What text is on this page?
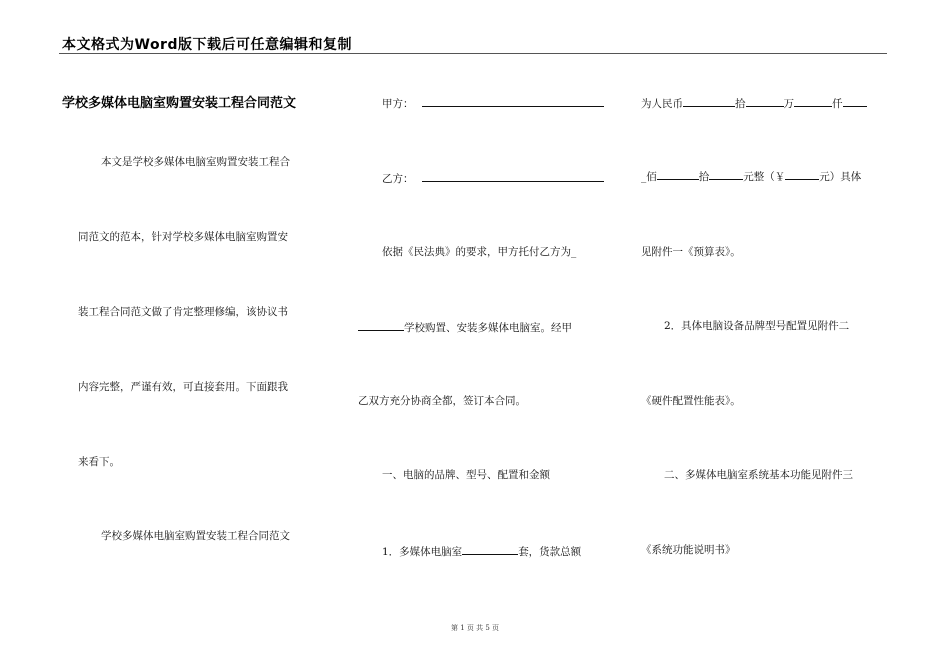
本文格式为Word版下载后可任意编辑和复制
学校多媒体电脑室购置安装工程合同范文
本文是学校多媒体电脑室购置安装工程合
同范文的范本，针对学校多媒体电脑室购置安
装工程合同范文做了肯定整理修编，该协议书
内容完整，严谨有效，可直接套用。下面跟我
来看下。
学校多媒体电脑室购置安装工程合同范文
甲方：
乙方：
依据《民法典》的要求，甲方托付乙方为_
学校购置、安装多媒体电脑室。经甲
乙双方充分协商全都，签订本合同。
一、电脑的品牌、型号、配置和金额
1．多媒体电脑室	套，货款总额
为人民币	拾	万	仟
_佰	拾	元整（￥	元）具体
见附件一《预算表》。
2．具体电脑设备品牌型号配置见附件二
《硬件配置性能表》。
二、多媒体电脑室系统基本功能见附件三
《系统功能说明书》
第 1 页 共 5 页
